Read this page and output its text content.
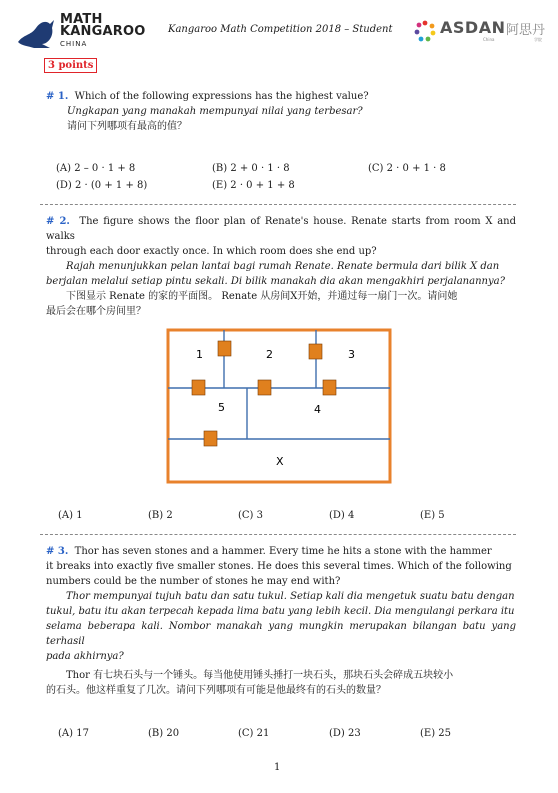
MATH
KANGAROO
CHINA
Kangaroo Math Competition 2018 – Student	ASDAN 阿思丹
China	学院
3 points
# 1. Which of the following expressions has the highest value?
Ungkapan yang manakah mempunyai nilai yang terbesar?
请问下列哪项有最高的值？
(A) 2 – 0 · 1 + 8	(B) 2 + 0 · 1 · 8	(C) 2 · 0 + 1 · 8
(D) 2 · (0 + 1 + 8)	(E) 2 · 0 + 1 + 8
# 2. The figure shows the floor plan of Renate's house. Renate starts from room X and walks
through each door exactly once. In which room does she end up?
Rajah menunjukkan pelan lantai bagi rumah Renate. Renate bermula dari bilik X dan
berjalan melalui setiap pintu sekali. Di bilik manakah dia akan mengakhiri perjalanannya?
下图显示 Renate 的家的平面图。 Renate 从房间X开始，并通过每一扇门一次。请问她
最后会在哪个房间里？
1	2	3
5	4
X
(A) 1	(B) 2	(C) 3	(D) 4	(E) 5
# 3. Thor has seven stones and a hammer. Every time he hits a stone with the hammer
it breaks into exactly five smaller stones. He does this several times. Which of the following
numbers could be the number of stones he may end with?
Thor mempunyai tujuh batu dan satu tukul. Setiap kali dia mengetuk suatu batu dengan
tukul, batu itu akan terpecah kepada lima batu yang lebih kecil. Dia mengulangi perkara itu
selama beberapa kali. Nombor manakah yang mungkin merupakan bilangan batu yang terhasil
pada akhirnya?
Thor 有七块石头与一个锤头。每当他使用锤头捶打一块石头，那块石头会碎成五块较小
的石头。他这样重复了几次。请问下列哪项有可能是他最终有的石头的数量？
(A) 17	(B) 20	(C) 21	(D) 23	(E) 25
1
